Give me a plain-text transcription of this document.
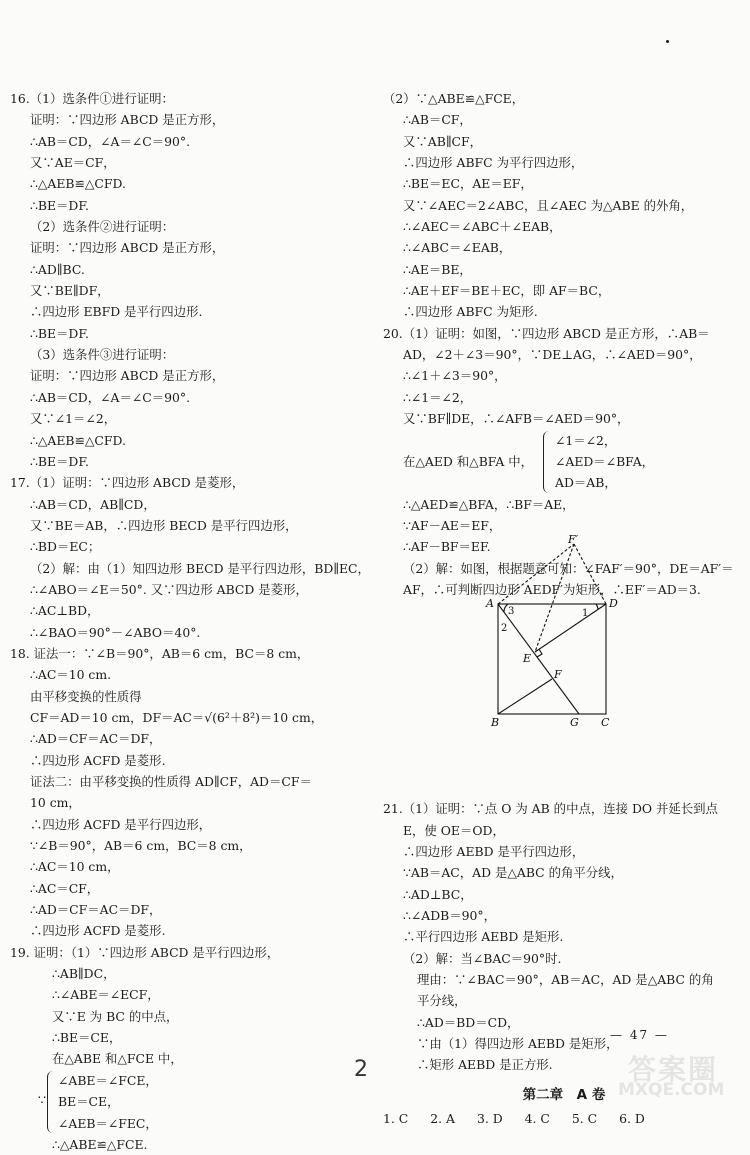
16.（1）选条件①进行证明：
证明：∵四边形 ABCD 是正方形，
∴AB＝CD，∠A＝∠C＝90°.
又∵AE＝CF，
∴△AEB≌△CFD.
∴BE＝DF.
（2）选条件②进行证明：
证明：∵四边形 ABCD 是正方形，
∴AD∥BC.
又∵BE∥DF，
∴四边形 EBFD 是平行四边形.
∴BE＝DF.
（3）选条件③进行证明：
证明：∵四边形 ABCD 是正方形，
∴AB＝CD，∠A＝∠C＝90°.
又∵∠1＝∠2，
∴△AEB≌△CFD.
∴BE＝DF.
17.（1）证明：∵四边形 ABCD 是菱形，
∴AB＝CD，AB∥CD，
又∵BE＝AB，∴四边形 BECD 是平行四边形，
∴BD＝EC；
（2）解：由（1）知四边形 BECD 是平行四边形，BD∥EC，
∴∠ABO＝∠E＝50°. 又∵四边形 ABCD 是菱形，
∴AC⊥BD，
∴∠BAO＝90°－∠ABO＝40°.
18. 证法一：∵∠B＝90°，AB＝6 cm，BC＝8 cm，
∴AC＝10 cm.
由平移变换的性质得
CF＝AD＝10 cm，DF＝AC＝√(6²＋8²)＝10 cm，
∴AD＝CF＝AC＝DF，
∴四边形 ACFD 是菱形.
证法二：由平移变换的性质得 AD∥CF，AD＝CF＝
10 cm，
∴四边形 ACFD 是平行四边形，
∵∠B＝90°，AB＝6 cm，BC＝8 cm，
∴AC＝10 cm，
∴AC＝CF，
∴AD＝CF＝AC＝DF，
∴四边形 ACFD 是菱形.
19. 证明：（1）∵四边形 ABCD 是平行四边形，
∴AB∥DC，
∴∠ABE＝∠ECF，
又∵E 为 BC 的中点，
∴BE＝CE，
在△ABE 和△FCE 中，
∵
∠ABE＝∠FCE，
BE＝CE，
∠AEB＝∠FEC，
∴△ABE≌△FCE.
（2）∵△ABE≌△FCE，
∴AB＝CF，
又∵AB∥CF，
∴四边形 ABFC 为平行四边形，
∴BE＝EC，AE＝EF，
又∵∠AEC＝2∠ABC，且∠AEC 为△ABE 的外角，
∴∠AEC＝∠ABC＋∠EAB，
∴∠ABC＝∠EAB，
∴AE＝BE，
∴AE＋EF＝BE＋EC，即 AF＝BC，
∴四边形 ABFC 为矩形.
20.（1）证明：如图，∵四边形 ABCD 是正方形，∴AB＝
AD，∠2＋∠3＝90°，∵DE⊥AG，∴∠AED＝90°，
∴∠1＋∠3＝90°，
∴∠1＝∠2，
又∵BF∥DE，∴∠AFB＝∠AED＝90°，
在△AED 和△BFA 中，
∠1＝∠2，
∠AED＝∠BFA，
AD＝AB，
∴△AED≌△BFA，∴BF＝AE，
∵AF－AE＝EF，
∴AF－BF＝EF.
（2）解：如图，根据题意可知：∠FAF′＝90°，DE＝AF′＝
AF，∴可判断四边形 AEDF′为矩形，∴EF′＝AD＝3.
21.（1）证明：∵点 O 为 AB 的中点，连接 DO 并延长到点
E，使 OE＝OD，
∴四边形 AEBD 是平行四边形，
∵AB＝AC，AD 是△ABC 的角平分线，
∴AD⊥BC，
∴∠ADB＝90°，
∴平行四边形 AEBD 是矩形.
（2）解：当∠BAC＝90°时.
理由：∵∠BAC＝90°，AB＝AC，AD 是△ABC 的角
平分线，
∴AD＝BD＝CD，
∵由（1）得四边形 AEBD 是矩形，
∴矩形 AEBD 是正方形.
第二章　A 卷
1. C 2. A 3. D 4. C 5. C 6. D
A	D
B	C
G
E
F
F′
1
2
3
— 47 —
2	答案圈
MXQE.COM
